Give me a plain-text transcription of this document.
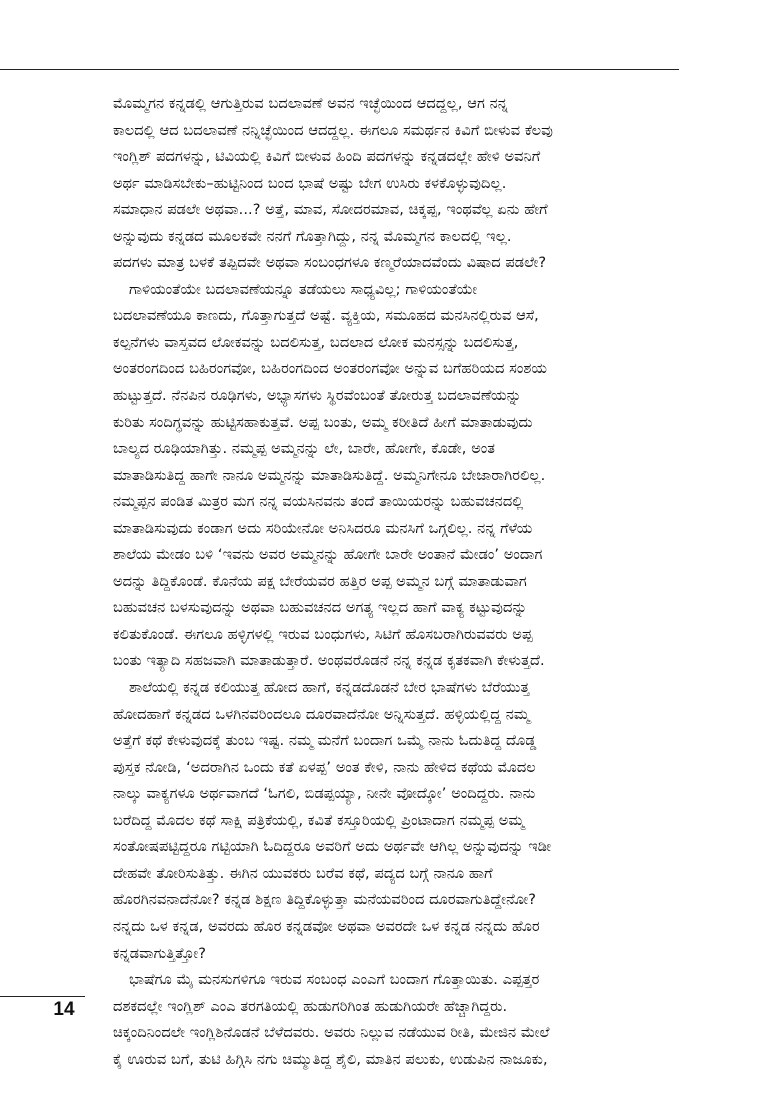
ಮೊಮ್ಮಗನ ಕನ್ನಡಲ್ಲಿ ಆಗುತ್ತಿರುವ ಬದಲಾವಣೆ ಅವನ ಇಚ್ಛೆಯಿಂದ ಆದದ್ದಲ್ಲ, ಆಗ ನನ್ನ
ಕಾಲದಲ್ಲಿ ಆದ ಬದಲಾವಣೆ ನನ್ನಿಚ್ಛೆಯಿಂದ ಆದದ್ದಲ್ಲ. ಈಗಲೂ ಸಮರ್ಥನ ಕಿವಿಗೆ ಬೀಳುವ ಕೆಲವು
ಇಂಗ್ಲಿಶ್ ಪದಗಳನ್ನು, ಟಿವಿಯಲ್ಲಿ ಕಿವಿಗೆ ಬೀಳುವ ಹಿಂದಿ ಪದಗಳನ್ನು ಕನ್ನಡದಲ್ಲೇ ಹೇಳಿ ಅವನಿಗೆ
ಅರ್ಥ ಮಾಡಿಸಬೇಕು–ಹುಟ್ಟಿನಿಂದ ಬಂದ ಭಾಷೆ ಅಷ್ಟು ಬೇಗ ಉಸಿರು ಕಳಕೊಳ್ಳುವುದಿಲ್ಲ.
ಸಮಾಧಾನ ಪಡಲೇ ಅಥವಾ...? ಅತ್ತೆ, ಮಾವ, ಸೋದರಮಾವ, ಚಿಕ್ಕಪ್ಪ, ಇಂಥವೆಲ್ಲ ಏನು ಹೇಗೆ
ಅನ್ನುವುದು ಕನ್ನಡದ ಮೂಲಕವೇ ನನಗೆ ಗೊತ್ತಾಗಿದ್ದು, ನನ್ನ ಮೊಮ್ಮಗನ ಕಾಲದಲ್ಲಿ ಇಲ್ಲ.
ಪದಗಳು ಮಾತ್ರ ಬಳಕೆ ತಪ್ಪಿದವೇ ಅಥವಾ ಸಂಬಂಧಗಳೂ ಕಣ್ಮರೆಯಾದವೆಂದು ವಿಷಾದ ಪಡಲೇ?
ಗಾಳಿಯಂತೆಯೇ ಬದಲಾವಣೆಯನ್ನೂ ತಡೆಯಲು ಸಾಧ್ಯವಿಲ್ಲ; ಗಾಳಿಯಂತೆಯೇ
ಬದಲಾವಣೆಯೂ ಕಾಣದು, ಗೊತ್ತಾಗುತ್ತದೆ ಅಷ್ಟೆ. ವ್ಯಕ್ತಿಯ, ಸಮೂಹದ ಮನಸಿನಲ್ಲಿರುವ ಆಸೆ,
ಕಲ್ಪನೆಗಳು ವಾಸ್ತವದ ಲೋಕವನ್ನು ಬದಲಿಸುತ್ತ, ಬದಲಾದ ಲೋಕ ಮನಸ್ಸನ್ನು ಬದಲಿಸುತ್ತ,
ಅಂತರಂಗದಿಂದ ಬಹಿರಂಗವೋ, ಬಹಿರಂಗದಿಂದ ಅಂತರಂಗವೋ ಅನ್ನುವ ಬಗೆಹರಿಯದ ಸಂಶಯ
ಹುಟ್ಟುತ್ತದೆ. ನೆನಪಿನ ರೂಢಿಗಳು, ಅಭ್ಯಾಸಗಳು ಸ್ಥಿರವೆಂಬಂತೆ ತೋರುತ್ತ ಬದಲಾವಣೆಯನ್ನು
ಕುರಿತು ಸಂದಿಗ್ಧವನ್ನು ಹುಟ್ಟಿಸಹಾಕುತ್ತವೆ. ಅಪ್ಪ ಬಂತು, ಅಮ್ಮ ಕರೀತಿದೆ ಹೀಗೆ ಮಾತಾಡುವುದು
ಬಾಲ್ಯದ ರೂಢಿಯಾಗಿತ್ತು. ನಮ್ಮಪ್ಪ ಅಮ್ಮನನ್ನು ಲೇ, ಬಾರೇ, ಹೋಗೇ, ಕೊಡೇ, ಅಂತ
ಮಾತಾಡಿಸುತಿದ್ದ ಹಾಗೇ ನಾನೂ ಅಮ್ಮನನ್ನು ಮಾತಾಡಿಸುತಿದ್ದೆ. ಅಮ್ಮನಿಗೇನೂ ಬೇಜಾರಾಗಿರಲಿಲ್ಲ.
ನಮ್ಮಪ್ಪನ ಪಂಡಿತ ಮಿತ್ರರ ಮಗ ನನ್ನ ವಯಸಿನವನು ತಂದೆ ತಾಯಿಯರನ್ನು ಬಹುವಚನದಲ್ಲಿ
ಮಾತಾಡಿಸುವುದು ಕಂಡಾಗ ಅದು ಸರಿಯೇನೋ ಅನಿಸಿದರೂ ಮನಸಿಗೆ ಒಗ್ಗಲಿಲ್ಲ. ನನ್ನ ಗೆಳೆಯ
ಶಾಲೆಯ ಮೇಡಂ ಬಳಿ ‘ಇವನು ಅವರ ಅಮ್ಮನನ್ನು ಹೋಗೇ ಬಾರೇ ಅಂತಾನೆ ಮೇಡಂ’ ಅಂದಾಗ
ಅದನ್ನು ತಿದ್ದಿಕೊಂಡೆ. ಕೊನೆಯ ಪಕ್ಷ ಬೇರೆಯವರ ಹತ್ತಿರ ಅಪ್ಪ ಅಮ್ಮನ ಬಗ್ಗೆ ಮಾತಾಡುವಾಗ
ಬಹುವಚನ ಬಳಸುವುದನ್ನು ಅಥವಾ ಬಹುವಚನದ ಅಗತ್ಯ ಇಲ್ಲದ ಹಾಗೆ ವಾಕ್ಯ ಕಟ್ಟುವುದನ್ನು
ಕಲಿತುಕೊಂಡೆ. ಈಗಲೂ ಹಳ್ಳಿಗಳಲ್ಲಿ ಇರುವ ಬಂಧುಗಳು, ಸಿಟಿಗೆ ಹೊಸಬರಾಗಿರುವವರು ಅಪ್ಪ
ಬಂತು ಇತ್ಯಾದಿ ಸಹಜವಾಗಿ ಮಾತಾಡುತ್ತಾರೆ. ಅಂಥವರೊಡನೆ ನನ್ನ ಕನ್ನಡ ಕೃತಕವಾಗಿ ಕೇಳುತ್ತದೆ.
ಶಾಲೆಯಲ್ಲಿ ಕನ್ನಡ ಕಲಿಯುತ್ತ ಹೋದ ಹಾಗೆ, ಕನ್ನಡದೊಡನೆ ಬೇರ ಭಾಷೆಗಳು ಬೆರೆಯುತ್ತ
ಹೋದಹಾಗೆ ಕನ್ನಡದ ಒಳಗಿನವರಿಂದಲೂ ದೂರವಾದೆನೋ ಅನ್ನಿಸುತ್ತದೆ. ಹಳ್ಳಿಯಲ್ಲಿದ್ದ ನಮ್ಮ
ಅತ್ತೆಗೆ ಕಥೆ ಕೇಳುವುದಕ್ಕೆ ತುಂಬ ಇಷ್ಟ. ನಮ್ಮ ಮನೆಗೆ ಬಂದಾಗ ಒಮ್ಮೆ ನಾನು ಓದುತಿದ್ದ ದೊಡ್ಡ
ಪುಸ್ತಕ ನೋಡಿ, ‘ಅದರಾಗಿನ ಒಂದು ಕತೆ ಏಳಪ್ಪ’ ಅಂತ ಕೇಳಿ, ನಾನು ಹೇಳಿದ ಕಥೆಯ ಮೊದಲ
ನಾಲ್ಕು ವಾಕ್ಯಗಳೂ ಅರ್ಥವಾಗದೆ ‘ಓಗಲಿ, ಬಿಡಪ್ಪಯ್ಯಾ, ನೀನೇ ವೋದ್ಕೋ’ ಅಂದಿದ್ದರು. ನಾನು
ಬರೆದಿದ್ದ ಮೊದಲ ಕಥೆ ಸಾಕ್ಷಿ ಪತ್ರಿಕೆಯಲ್ಲಿ, ಕವಿತೆ ಕಸ್ತೂರಿಯಲ್ಲಿ ಪ್ರಿಂಟಾದಾಗ ನಮ್ಮಪ್ಪ ಅಮ್ಮ
ಸಂತೋಷಪಟ್ಟಿದ್ದರೂ ಗಟ್ಟಿಯಾಗಿ ಓದಿದ್ದರೂ ಅವರಿಗೆ ಅದು ಅರ್ಥವೇ ಆಗಿಲ್ಲ ಅನ್ನುವುದನ್ನು ಇಡೀ
ದೇಹವೇ ತೋರಿಸುತಿತ್ತು. ಈಗಿನ ಯುವಕರು ಬರೆವ ಕಥೆ, ಪದ್ಯದ ಬಗ್ಗೆ ನಾನೂ ಹಾಗೆ
ಹೊರಗಿನವನಾದೆನೋ? ಕನ್ನಡ ಶಿಕ್ಷಣ ತಿದ್ದಿಕೊಳ್ಳುತ್ತಾ ಮನೆಯವರಿಂದ ದೂರವಾಗುತಿದ್ದೇನೋ?
ನನ್ನದು ಒಳ ಕನ್ನಡ, ಅವರದು ಹೊರ ಕನ್ನಡವೋ ಅಥವಾ ಅವರದೇ ಒಳ ಕನ್ನಡ ನನ್ನದು ಹೊರ
ಕನ್ನಡವಾಗುತ್ತಿತ್ತೋ?
ಭಾಷೆಗೂ ಮೈ ಮನಸುಗಳಿಗೂ ಇರುವ ಸಂಬಂಧ ಎಂಎಗೆ ಬಂದಾಗ ಗೊತ್ತಾಯಿತು. ಎಪ್ಪತ್ತರ
ದಶಕದಲ್ಲೇ ಇಂಗ್ಲಿಶ್ ಎಂಎ ತರಗತಿಯಲ್ಲಿ ಹುಡುಗರಿಗಿಂತ ಹುಡುಗಿಯರೇ ಹೆಚ್ಚಾಗಿದ್ದರು.
ಚಿಕ್ಕಂದಿನಿಂದಲೇ ಇಂಗ್ಲಿಶಿನೊಡನೆ ಬೆಳೆದವರು. ಅವರು ನಿಲ್ಲುವ ನಡೆಯುವ ರೀತಿ, ಮೇಜಿನ ಮೇಲೆ
ಕೈ ಊರುವ ಬಗೆ, ತುಟಿ ಹಿಗ್ಗಿಸಿ ನಗು ಚಿಮ್ಮುತಿದ್ದ ಶೈಲಿ, ಮಾತಿನ ಪಲುಕು, ಉಡುಪಿನ ನಾಜೂಕು,
14
